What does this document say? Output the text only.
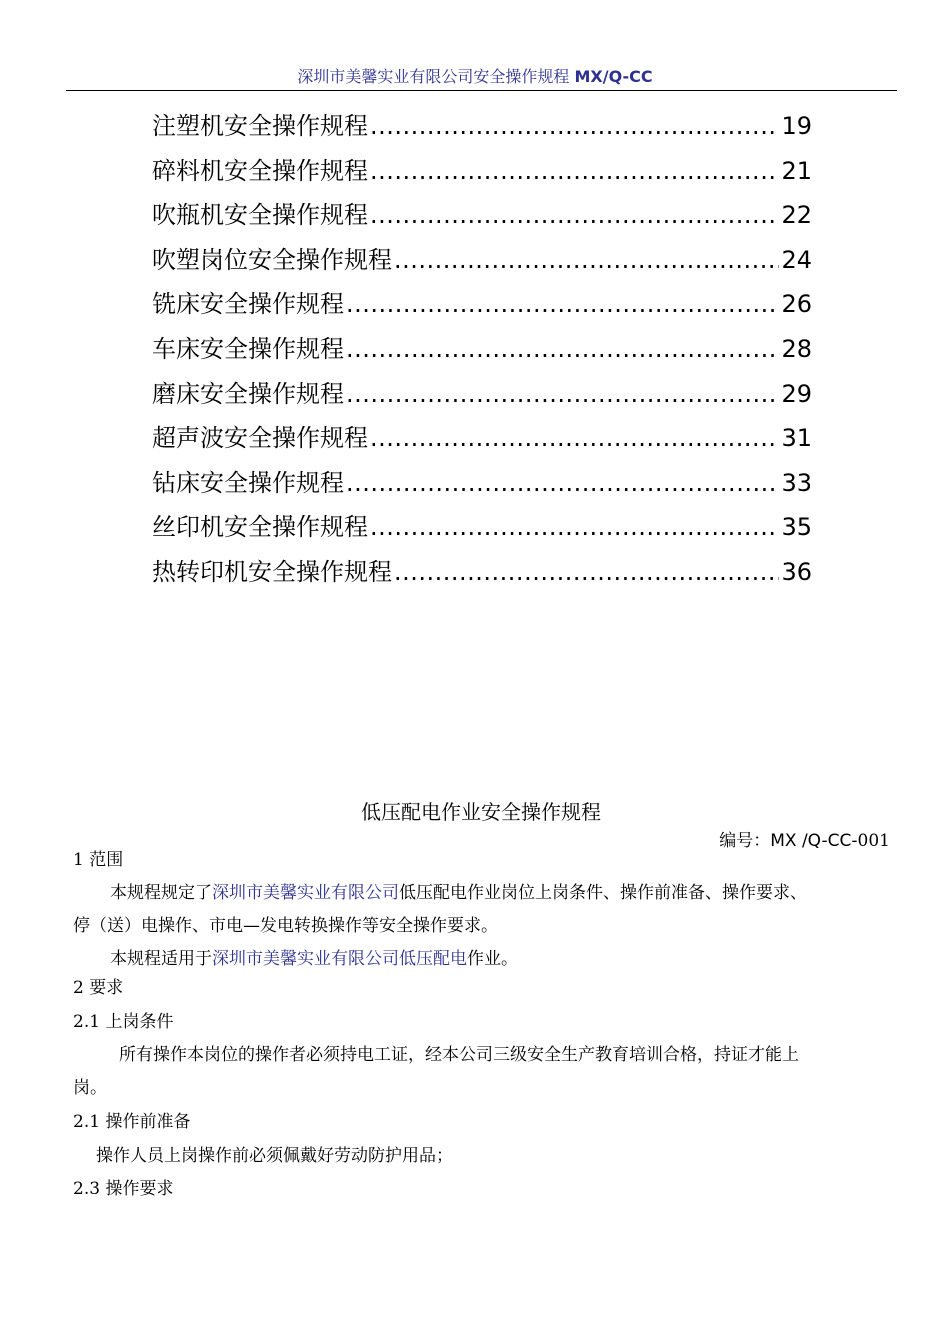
深圳市美馨实业有限公司安全操作规程 MX/Q-CC
注塑机安全操作规程 .....	19
碎料机安全操作规程 .....	21
吹瓶机安全操作规程 .....	22
吹塑岗位安全操作规程 .....	24
铣床安全操作规程 .....	26
车床安全操作规程 .....	28
磨床安全操作规程 .....	29
超声波安全操作规程 .....	31
钻床安全操作规程 .....	33
丝印机安全操作规程 .....	35
热转印机安全操作规程 .....	36
低压配电作业安全操作规程
编号：MX /Q-CC-001
1 范围
本规程规定了深圳市美馨实业有限公司低压配电作业岗位上岗条件、操作前准备、操作要求、
停（送）电操作、市电—发电转换操作等安全操作要求。
本规程适用于深圳市美馨实业有限公司低压配电作业。
2 要求
2.1 上岗条件
所有操作本岗位的操作者必须持电工证，经本公司三级安全生产教育培训合格，持证才能上
岗。
2.1 操作前准备
操作人员上岗操作前必须佩戴好劳动防护用品；
2.3 操作要求
